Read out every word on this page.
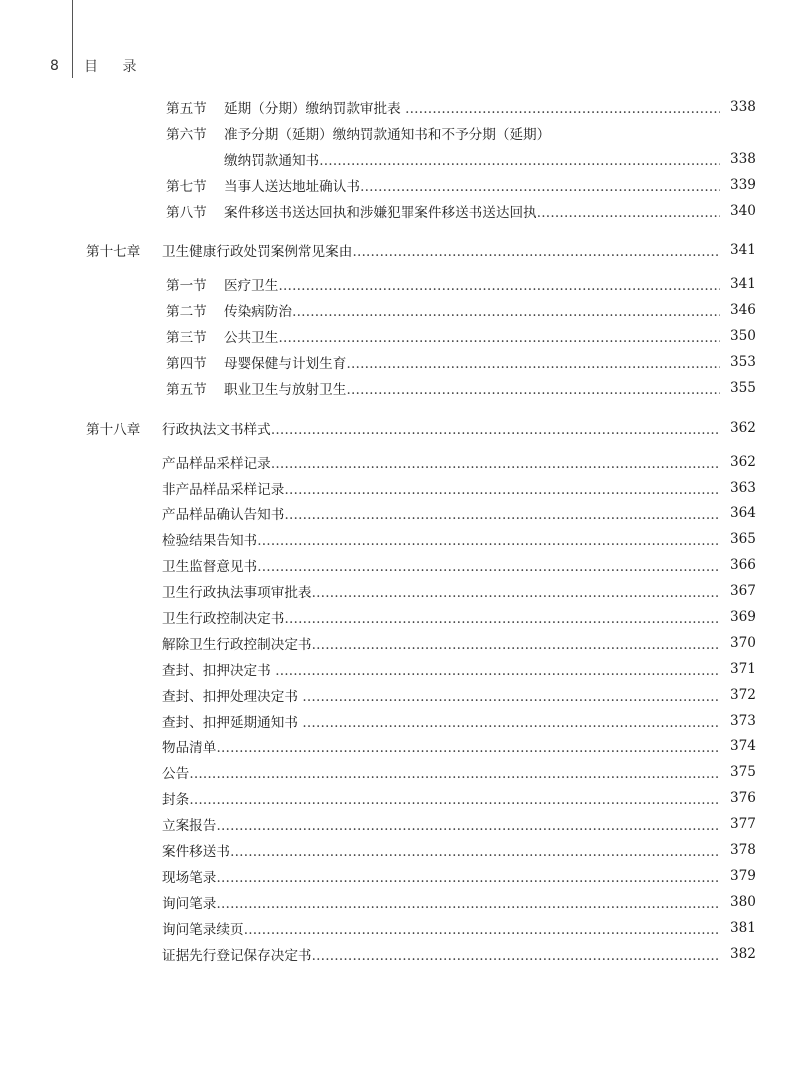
8 目 录
第五节	延期（分期）缴纳罚款审批表 ……………………………………………………………………………………………………………………………………………………	338
第六节	准予分期（延期）缴纳罚款通知书和不予分期（延期）
缴纳罚款通知书 ……………………………………………………………………………………………………………………………………………………	338
第七节	当事人送达地址确认书 ……………………………………………………………………………………………………………………………………………………	339
第八节	案件移送书送达回执和涉嫌犯罪案件移送书送达回执 ……………………………………………………………………………………………………………………………………………………	340
第十七章	卫生健康行政处罚案例常见案由 ……………………………………………………………………………………………………………………………………………………	341
第一节	医疗卫生 ……………………………………………………………………………………………………………………………………………………	341
第二节	传染病防治 ……………………………………………………………………………………………………………………………………………………	346
第三节	公共卫生 ……………………………………………………………………………………………………………………………………………………	350
第四节	母婴保健与计划生育 ……………………………………………………………………………………………………………………………………………………	353
第五节	职业卫生与放射卫生 ……………………………………………………………………………………………………………………………………………………	355
第十八章	行政执法文书样式 ……………………………………………………………………………………………………………………………………………………	362
产品样品采样记录 ……………………………………………………………………………………………………………………………………………………	362
非产品样品采样记录 ……………………………………………………………………………………………………………………………………………………	363
产品样品确认告知书 ……………………………………………………………………………………………………………………………………………………	364
检验结果告知书 ……………………………………………………………………………………………………………………………………………………	365
卫生监督意见书 ……………………………………………………………………………………………………………………………………………………	366
卫生行政执法事项审批表 ……………………………………………………………………………………………………………………………………………………	367
卫生行政控制决定书 ……………………………………………………………………………………………………………………………………………………	369
解除卫生行政控制决定书 ……………………………………………………………………………………………………………………………………………………	370
查封、扣押决定书 ……………………………………………………………………………………………………………………………………………………	371
查封、扣押处理决定书 ……………………………………………………………………………………………………………………………………………………	372
查封、扣押延期通知书 ……………………………………………………………………………………………………………………………………………………	373
物品清单 ……………………………………………………………………………………………………………………………………………………	374
公告 ……………………………………………………………………………………………………………………………………………………	375
封条 ……………………………………………………………………………………………………………………………………………………	376
立案报告 ……………………………………………………………………………………………………………………………………………………	377
案件移送书 ……………………………………………………………………………………………………………………………………………………	378
现场笔录 ……………………………………………………………………………………………………………………………………………………	379
询问笔录 ……………………………………………………………………………………………………………………………………………………	380
询问笔录续页 ……………………………………………………………………………………………………………………………………………………	381
证据先行登记保存决定书 ……………………………………………………………………………………………………………………………………………………	382
